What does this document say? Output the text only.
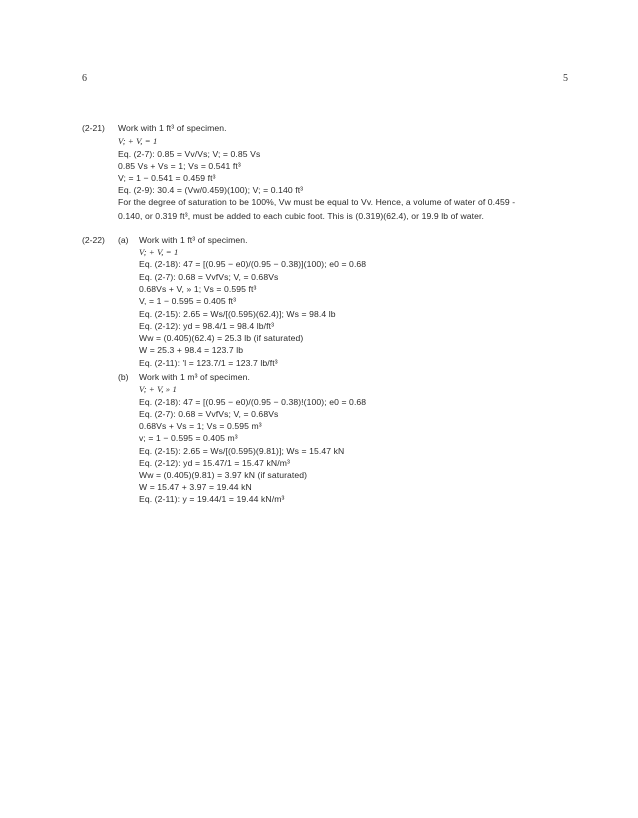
6	5
(2-21) Work with 1 ft³ of specimen.
V; + V, = 1
Eq. (2-7): 0.85 = Vv/Vs; V; = 0.85 Vs
0.85 Vs + Vs = 1; Vs = 0.541 ft³
V; = 1 − 0.541 = 0.459 ft³
Eq. (2-9): 30.4 = (Vw/0.459)(100); V; = 0.140 ft³
For the degree of saturation to be 100%, Vw must be equal to Vv. Hence, a volume of water of 0.459 -
0.140, or 0.319 ft³, must be added to each cubic foot. This is (0.319)(62.4), or 19.9 lb of water.
(2-22) (a) Work with 1 ft³ of specimen.
V; + V, = 1
Eq. (2-18): 47 = [(0.95 − e0)/(0.95 − 0.38)](100); e0 = 0.68
Eq. (2-7): 0.68 = VvfVs; V, = 0.68Vs
0.68Vs + V, » 1; Vs = 0.595 ft³
V, = 1 − 0.595 = 0.405 ft³
Eq. (2-15): 2.65 = Ws/[(0.595)(62.4)]; Ws = 98.4 lb
Eq. (2-12): yd = 98.4/1 = 98.4 lb/ft³
Ww = (0.405)(62.4) = 25.3 lb (if saturated)
W = 25.3 + 98.4 = 123.7 lb
Eq. (2-11): 'l = 123.7/1 = 123.7 lb/ft³
(b) Work with 1 m³ of specimen.
V; + V, » 1
Eq. (2-18): 47 = [(0.95 − e0)/(0.95 − 0.38)!(100); e0 = 0.68
Eq. (2-7): 0.68 = VvfVs; V, = 0.68Vs
0.68Vs + Vs = 1; Vs = 0.595 m³
v; = 1 − 0.595 = 0.405 m³
Eq. (2-15): 2.65 = Ws/[(0.595)(9.81)]; Ws = 15.47 kN
Eq. (2-12): yd = 15.47/1 = 15.47 kN/m³
Ww = (0.405)(9.81) = 3.97 kN (if saturated)
W = 15.47 + 3.97 = 19.44 kN
Eq. (2-11): y = 19.44/1 = 19.44 kN/m³
